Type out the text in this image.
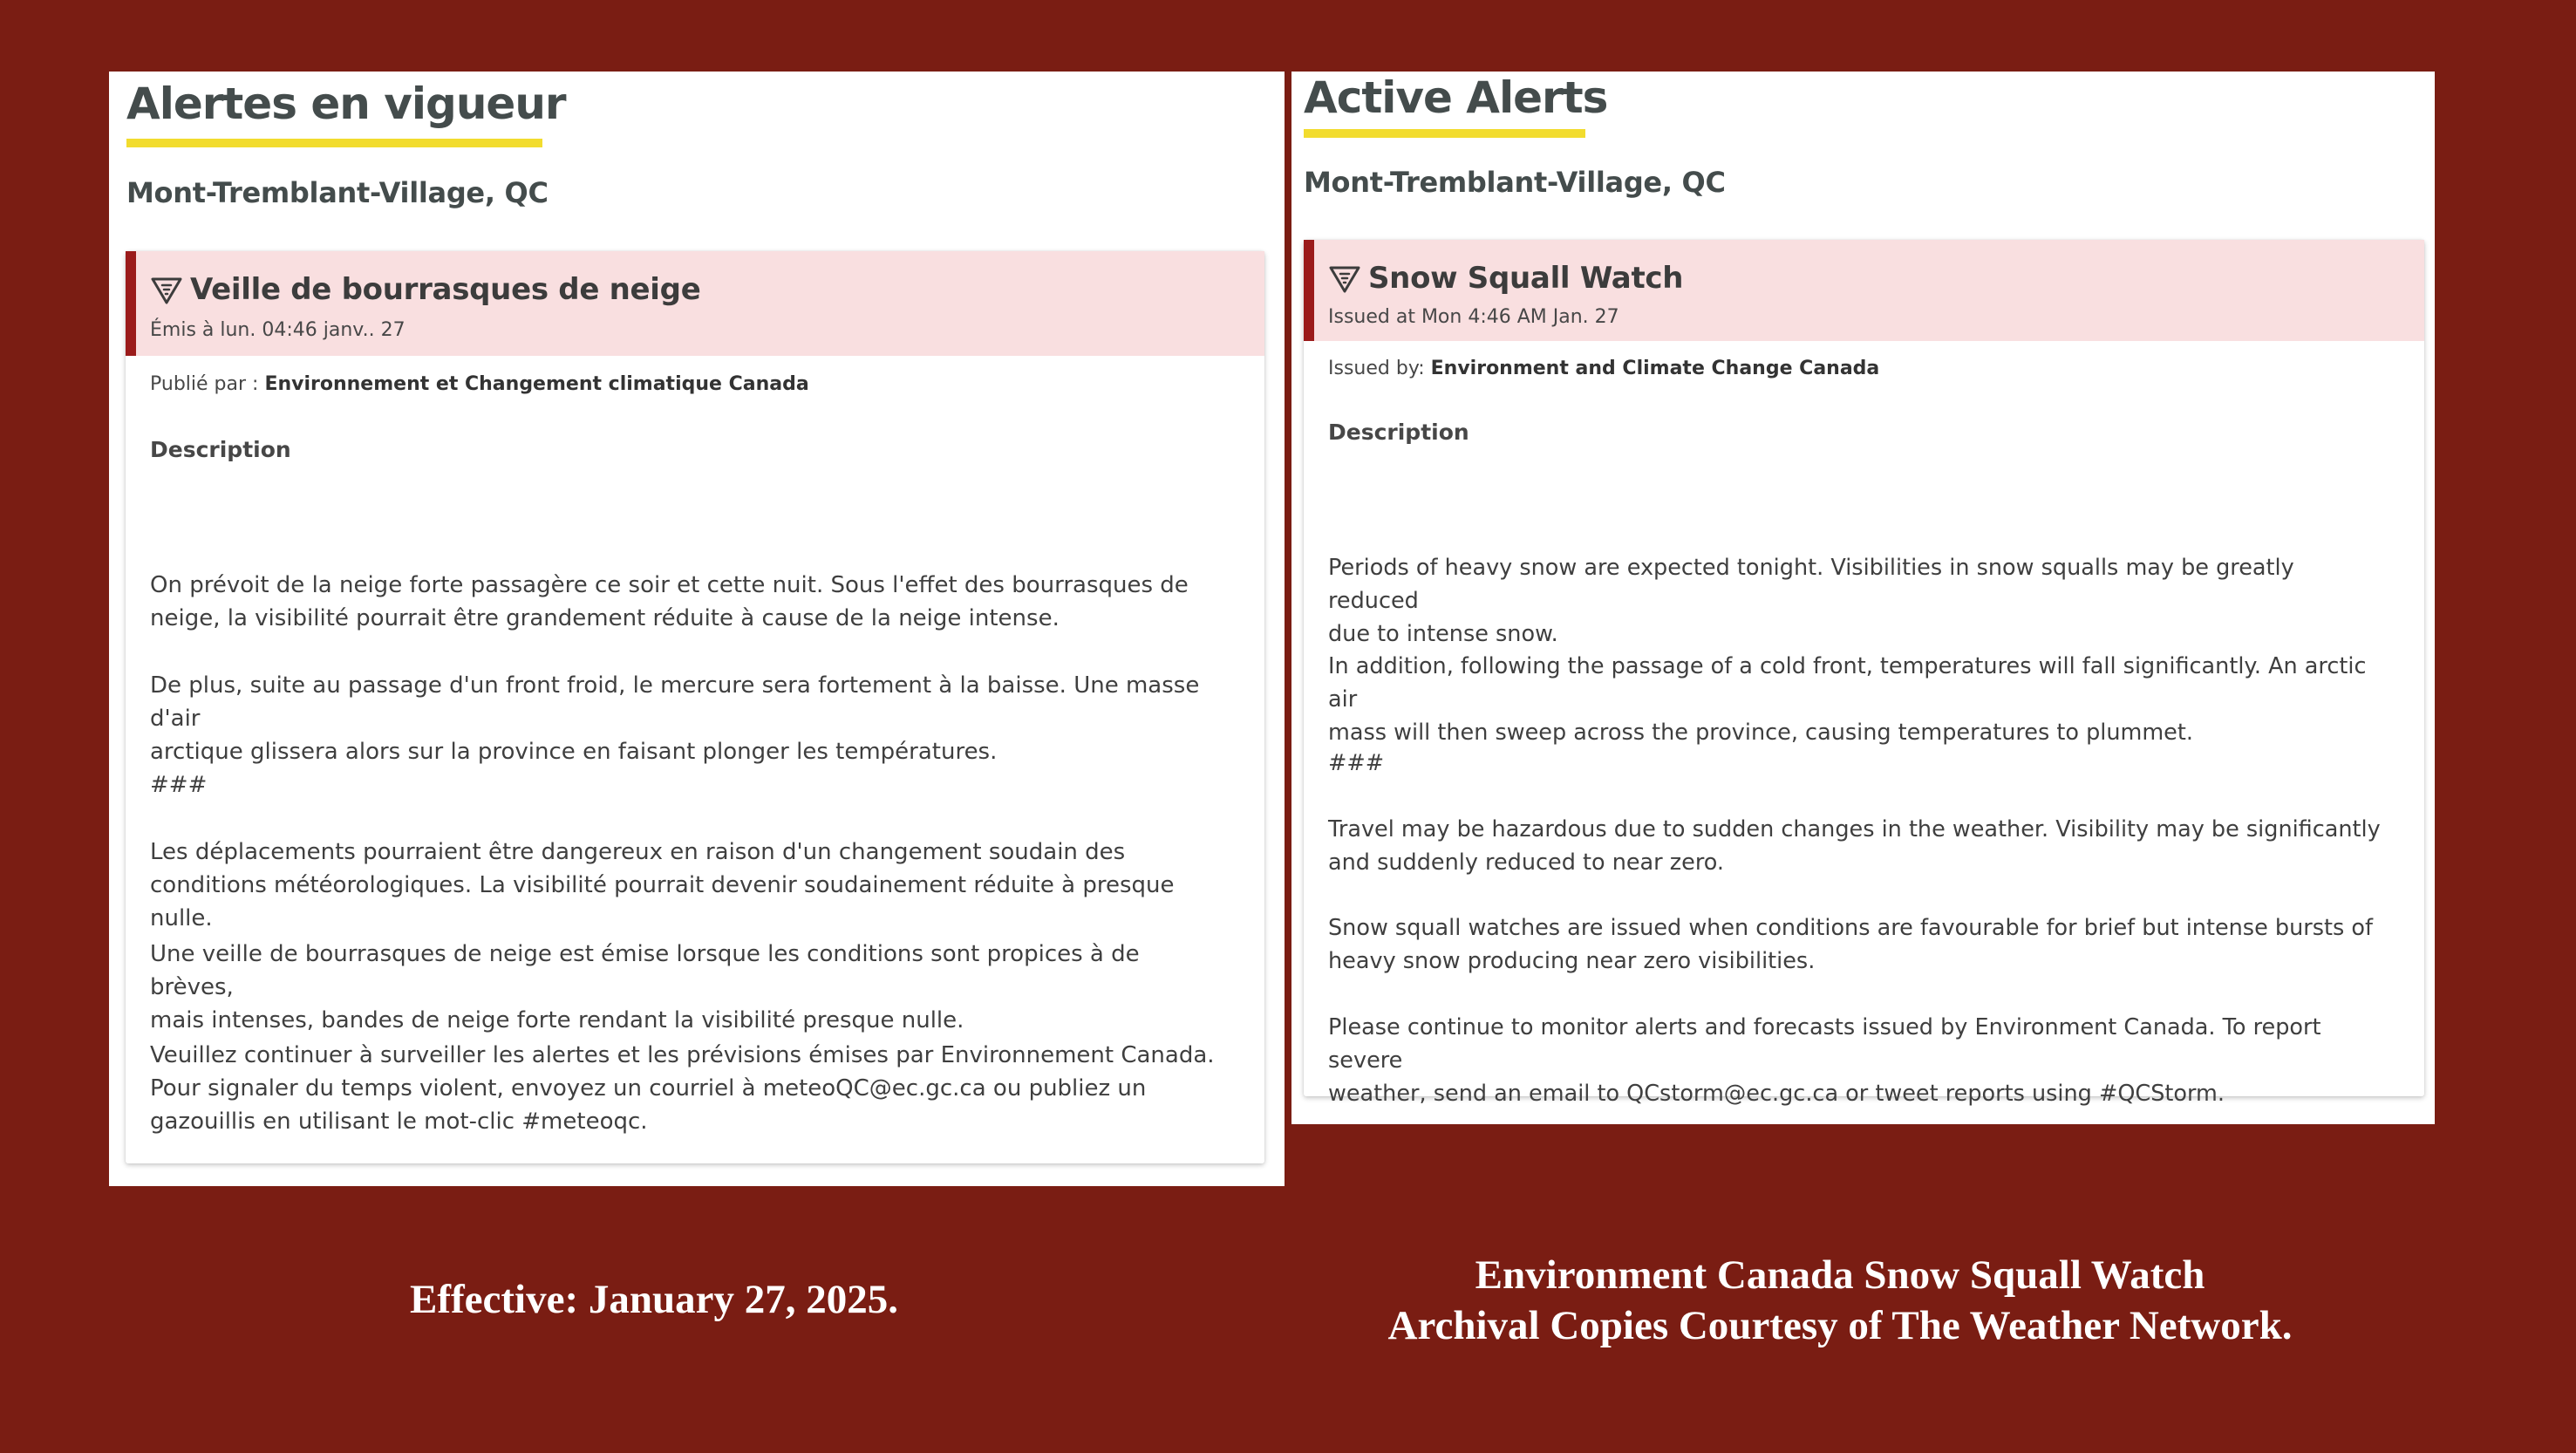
Alertes en vigueur
Mont-Tremblant-Village, QC
Veille de bourrasques de neige
Émis à lun. 04:46 janv.. 27
Publié par : Environnement et Changement climatique Canada
Description

On prévoit de la neige forte passagère ce soir et cette nuit. Sous l'effet des bourrasques de
neige, la visibilité pourrait être grandement réduite à cause de la neige intense.

De plus, suite au passage d'un front froid, le mercure sera fortement à la baisse. Une masse d'air
arctique glissera alors sur la province en faisant plonger les températures.

###

Les déplacements pourraient être dangereux en raison d'un changement soudain des
conditions météorologiques. La visibilité pourrait devenir soudainement réduite à presque nulle.

Une veille de bourrasques de neige est émise lorsque les conditions sont propices à de brèves,
mais intenses, bandes de neige forte rendant la visibilité presque nulle.

Veuillez continuer à surveiller les alertes et les prévisions émises par Environnement Canada.
Pour signaler du temps violent, envoyez un courriel à meteoQC@ec.gc.ca ou publiez un
gazouillis en utilisant le mot-clic #meteoqc.

Active Alerts
Mont-Tremblant-Village, QC
Snow Squall Watch
Issued at Mon 4:46 AM Jan. 27
Issued by: Environment and Climate Change Canada
Description

Periods of heavy snow are expected tonight. Visibilities in snow squalls may be greatly reduced
due to intense snow.

In addition, following the passage of a cold front, temperatures will fall significantly. An arctic air
mass will then sweep across the province, causing temperatures to plummet.

###

Travel may be hazardous due to sudden changes in the weather. Visibility may be significantly
and suddenly reduced to near zero.

Snow squall watches are issued when conditions are favourable for brief but intense bursts of
heavy snow producing near zero visibilities.

Please continue to monitor alerts and forecasts issued by Environment Canada. To report severe
weather, send an email to QCstorm@ec.gc.ca or tweet reports using #QCStorm.

Effective: January 27, 2025.
Environment Canada Snow Squall Watch
Archival Copies Courtesy of The Weather Network.
